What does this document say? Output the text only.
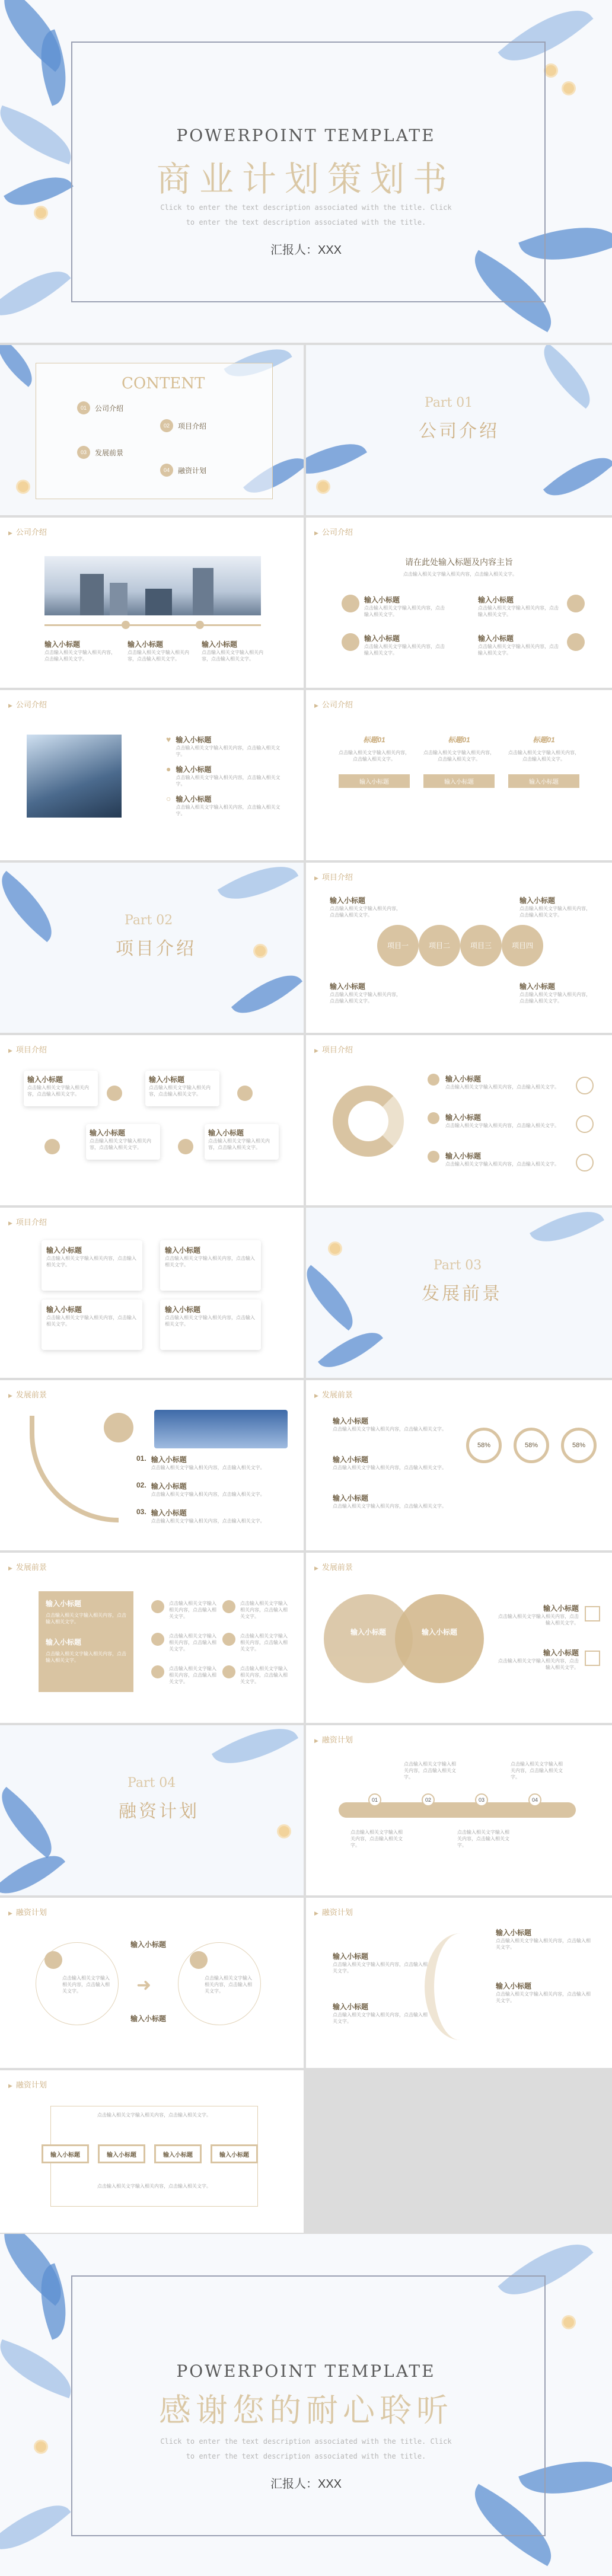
POWERPOINT TEMPLATE
商业计划策划书
Click to enter the text description associated with the title. Click
to enter the text description associated with the title.
汇报人：XXX
CONTENT
01	公司介绍
02	项目介绍
03	发展前景
04	融资计划
Part 01
公司介绍
▶ 公司介绍
输入小标题
点击输入相关文字输入相关内容，点击输入相关文字。
输入小标题
点击输入相关文字输入相关内容，点击输入相关文字。
输入小标题
点击输入相关文字输入相关内容，点击输入相关文字。
▶ 公司介绍
请在此处输入标题及内容主旨
点击输入相关文字输入相关内容，点击输入相关文字。
输入小标题
点击输入相关文字输入相关内容，点击输入相关文字。
输入小标题
点击输入相关文字输入相关内容，点击输入相关文字。
输入小标题
点击输入相关文字输入相关内容，点击输入相关文字。
输入小标题
点击输入相关文字输入相关内容，点击输入相关文字。
▶ 公司介绍
♥ 输入小标题
点击输入相关文字输入相关内容，点击输入相关文字。
● 输入小标题
点击输入相关文字输入相关内容，点击输入相关文字。
○ 输入小标题
点击输入相关文字输入相关内容，点击输入相关文字。
▶ 公司介绍
标题01
点击输入相关文字输入相关内容，点击输入相关文字。
输入小标题
标题01
点击输入相关文字输入相关内容，点击输入相关文字。
输入小标题
标题01
点击输入相关文字输入相关内容，点击输入相关文字。
输入小标题
Part 02
项目介绍
▶ 项目介绍
项目一	项目二	项目三	项目四
输入小标题
点击输入相关文字输入相关内容，点击输入相关文字。
输入小标题
点击输入相关文字输入相关内容，点击输入相关文字。
输入小标题
点击输入相关文字输入相关内容，点击输入相关文字。
输入小标题
点击输入相关文字输入相关内容，点击输入相关文字。
▶ 项目介绍
输入小标题
点击输入相关文字输入相关内容，点击输入相关文字。
输入小标题
点击输入相关文字输入相关内容，点击输入相关文字。
输入小标题
点击输入相关文字输入相关内容，点击输入相关文字。
输入小标题
点击输入相关文字输入相关内容，点击输入相关文字。
▶ 项目介绍
输入小标题
点击输入相关文字输入相关内容，点击输入相关文字。
输入小标题
点击输入相关文字输入相关内容，点击输入相关文字。
输入小标题
点击输入相关文字输入相关内容，点击输入相关文字。
▶ 项目介绍
输入小标题
点击输入相关文字输入相关内容，点击输入相关文字。
输入小标题
点击输入相关文字输入相关内容，点击输入相关文字。
输入小标题
点击输入相关文字输入相关内容，点击输入相关文字。
输入小标题
点击输入相关文字输入相关内容，点击输入相关文字。
Part 03
发展前景
▶ 发展前景
01. 输入小标题
点击输入相关文字输入相关内容，点击输入相关文字。
02. 输入小标题
点击输入相关文字输入相关内容，点击输入相关文字。
03. 输入小标题
点击输入相关文字输入相关内容，点击输入相关文字。
▶ 发展前景
输入小标题
点击输入相关文字输入相关内容，点击输入相关文字。
输入小标题
点击输入相关文字输入相关内容，点击输入相关文字。
输入小标题
点击输入相关文字输入相关内容，点击输入相关文字。
58%	58%	58%
▶ 发展前景
输入小标题
点击输入相关文字输入相关内容，点击输入相关文字。
输入小标题
点击输入相关文字输入相关内容，点击输入相关文字。
点击输入相关文字输入相关内容，点击输入相关文字。
点击输入相关文字输入相关内容，点击输入相关文字。
点击输入相关文字输入相关内容，点击输入相关文字。
点击输入相关文字输入相关内容，点击输入相关文字。
点击输入相关文字输入相关内容，点击输入相关文字。
点击输入相关文字输入相关内容，点击输入相关文字。
▶ 发展前景
输入小标题	输入小标题
输入小标题
点击输入相关文字输入相关内容，点击输入相关文字。
输入小标题
点击输入相关文字输入相关内容，点击输入相关文字。
Part 04
融资计划
▶ 融资计划
01	02	03	04
点击输入相关文字输入相关内容，点击输入相关文字。
点击输入相关文字输入相关内容，点击输入相关文字。
点击输入相关文字输入相关内容，点击输入相关文字。
点击输入相关文字输入相关内容，点击输入相关文字。
▶ 融资计划
输入小标题
输入小标题
➜
点击输入相关文字输入相关内容，点击输入相关文字。
点击输入相关文字输入相关内容，点击输入相关文字。
▶ 融资计划
输入小标题
点击输入相关文字输入相关内容，点击输入相关文字。
输入小标题
点击输入相关文字输入相关内容，点击输入相关文字。
输入小标题
点击输入相关文字输入相关内容，点击输入相关文字。
输入小标题
点击输入相关文字输入相关内容，点击输入相关文字。
▶ 融资计划
点击输入相关文字输入相关内容，点击输入相关文字。
点击输入相关文字输入相关内容，点击输入相关文字。
输入小标题	输入小标题	输入小标题	输入小标题
POWERPOINT TEMPLATE
感谢您的耐心聆听
Click to enter the text description associated with the title. Click
to enter the text description associated with the title.
汇报人：XXX
